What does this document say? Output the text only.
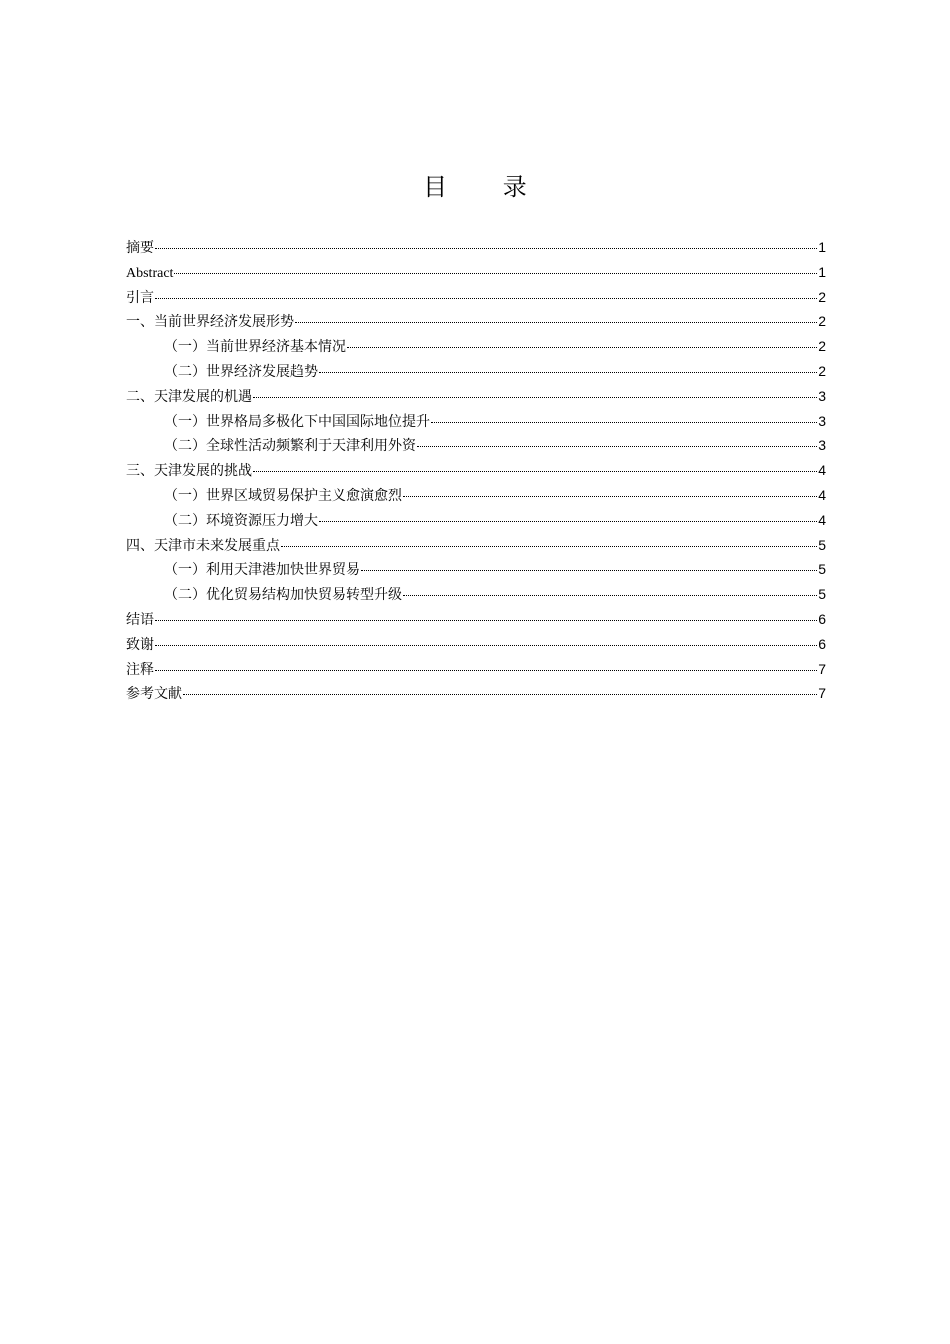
目 录
摘要	1
Abstract	1
引言	2
一、当前世界经济发展形势	2
（一）当前世界经济基本情况	2
（二）世界经济发展趋势	2
二、天津发展的机遇	3
（一）世界格局多极化下中国国际地位提升	3
（二）全球性活动频繁利于天津利用外资	3
三、天津发展的挑战	4
（一）世界区域贸易保护主义愈演愈烈	4
（二）环境资源压力增大	4
四、天津市未来发展重点	5
（一）利用天津港加快世界贸易	5
（二）优化贸易结构加快贸易转型升级	5
结语	6
致谢	6
注释	7
参考文献	7
